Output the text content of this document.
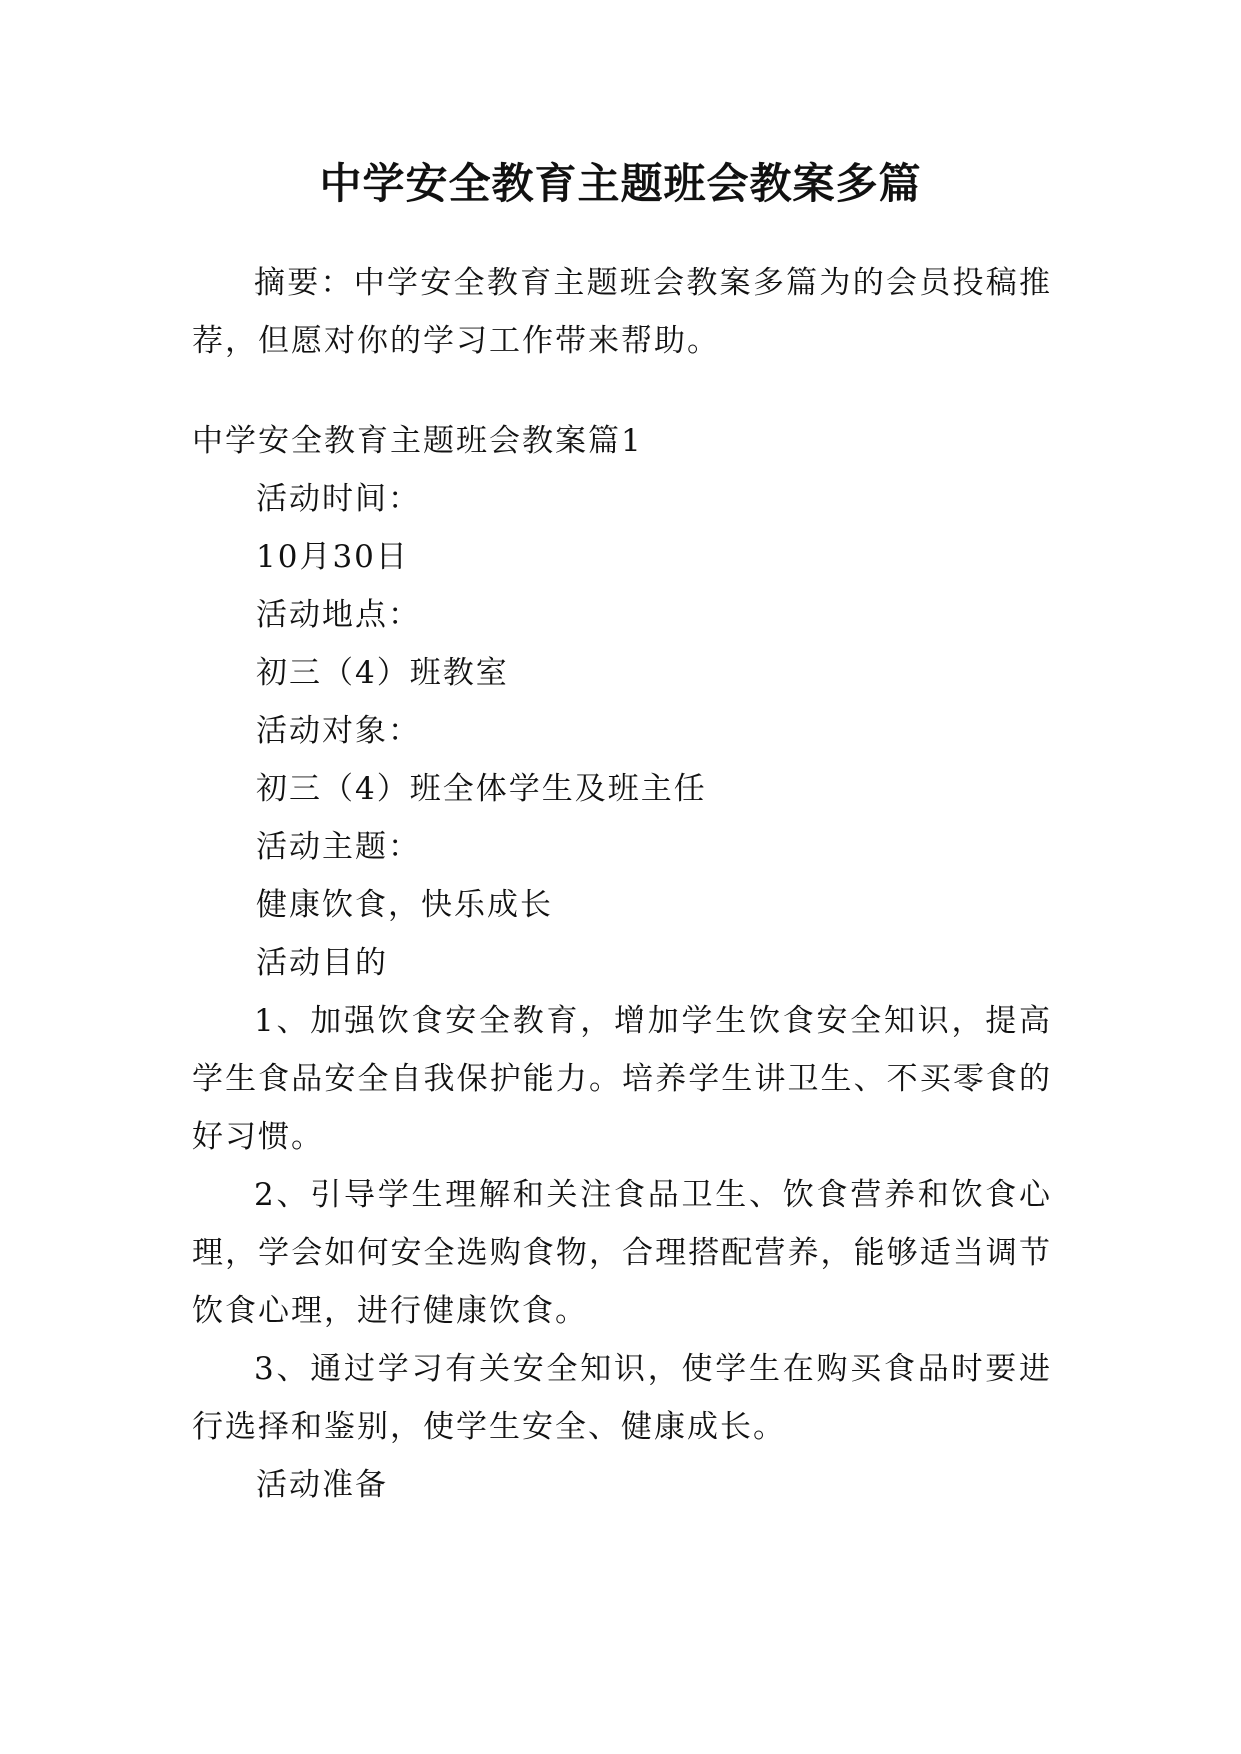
中学安全教育主题班会教案多篇

摘要：中学安全教育主题班会教案多篇为的会员投稿推荐，但愿对你的学习工作带来帮助。

中学安全教育主题班会教案篇1

活动时间：

10月30日

活动地点：

初三（4）班教室

活动对象：

初三（4）班全体学生及班主任

活动主题：

健康饮食，快乐成长

活动目的

1、加强饮食安全教育，增加学生饮食安全知识，提高学生食品安全自我保护能力。培养学生讲卫生、不买零食的好习惯。

2、引导学生理解和关注食品卫生、饮食营养和饮食心理，学会如何安全选购食物，合理搭配营养，能够适当调节饮食心理，进行健康饮食。

3、通过学习有关安全知识，使学生在购买食品时要进行选择和鉴别，使学生安全、健康成长。

活动准备
